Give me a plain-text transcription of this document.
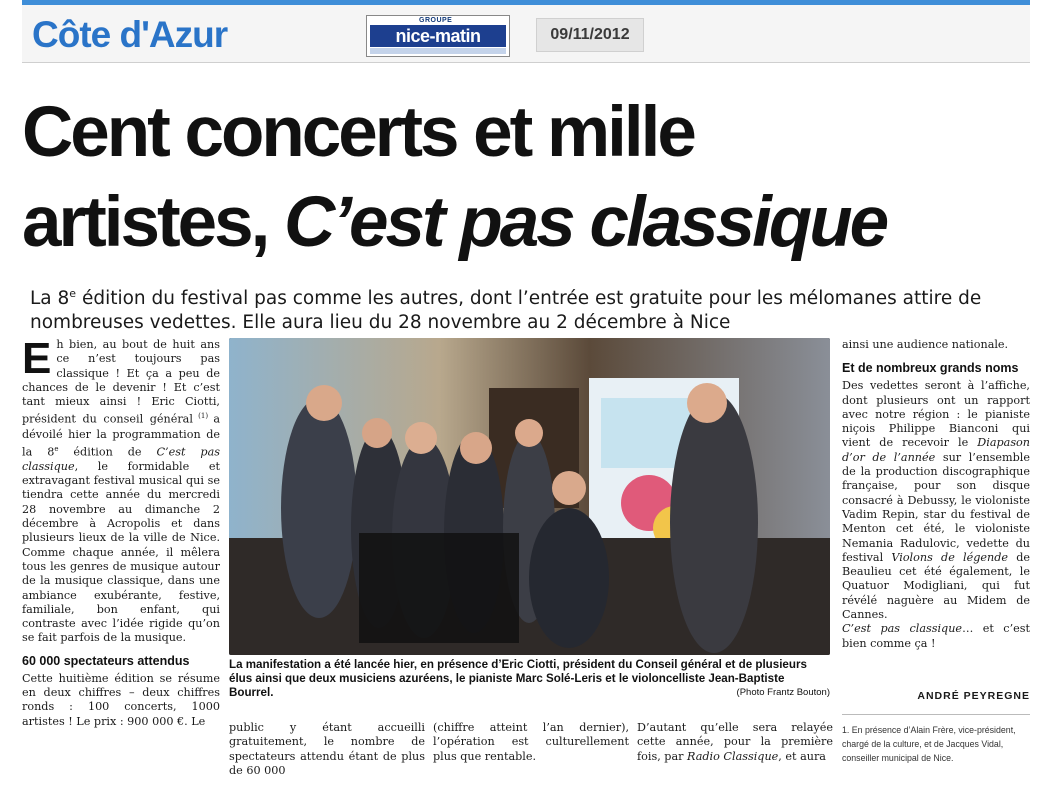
Côte d'Azur	GROUPE
nice-matin	09/11/2012
Cent concerts et mille
artistes, C’est pas classique

La 8e édition du festival pas comme les autres, dont l’entrée est gratuite pour les mélomanes attire de nombreuses vedettes. Elle aura lieu du 28 novembre au 2 décembre à Nice

E h bien, au bout de huit ans ce n’est toujours pas classique ! Et ça a peu de chances de le devenir ! Et c’est tant mieux ainsi ! Eric Ciotti, président du conseil général $^{(1)}$ a dévoilé hier la programmation de la 8e édition de C’est pas classique, le formidable et extravagant festival musical qui se tiendra cette année du mercredi 28 novembre au dimanche 2 décembre à Acropolis et dans plusieurs lieux de la ville de Nice. Comme chaque année, il mêlera tous les genres de musique autour de la musique classique, dans une ambiance exubérante, festive, familiale, bon enfant, qui contraste avec l’idée rigide qu’on se fait parfois de la musique.

60 000 spectateurs attendus

Cette huitième édition se résume en deux chiffres – deux chiffres ronds : 100 concerts, 1000 artistes ! Le prix : 900 000 €. Le

La manifestation a été lancée hier, en présence d’Eric Ciotti, président du Conseil général et de plusieurs élus ainsi que deux musiciens azuréens, le pianiste Marc Solé-Leris et le violoncelliste Jean-Baptiste Bourrel.	(Photo Frantz Bouton)

public y étant accueilli gratuitement, le nombre de spectateurs attendu étant de plus de 60 000

(chiffre atteint l’an dernier), l’opération est culturellement plus que rentable.

D’autant qu’elle sera relayée cette année, pour la première fois, par Radio Classique, et aura

ainsi une audience nationale.

Et de nombreux grands noms

Des vedettes seront à l’affiche, dont plusieurs ont un rapport avec notre région : le pianiste niçois Philippe Bianconi qui vient de recevoir le Diapason d’or de l’année sur l’ensemble de la production discographique française, pour son disque consacré à Debussy, le violoniste Vadim Repin, star du festival de Menton cet été, le violoniste Nemania Radulovic, vedette du festival Violons de légende de Beaulieu cet été également, le Quatuor Modigliani, qui fut révélé naguère au Midem de Cannes.

C’est pas classique… et c’est bien comme ça !

ANDRÉ PEYREGNE

1. En présence d’Alain Frère, vice-président, chargé de la culture, et de Jacques Vidal, conseiller municipal de Nice.
